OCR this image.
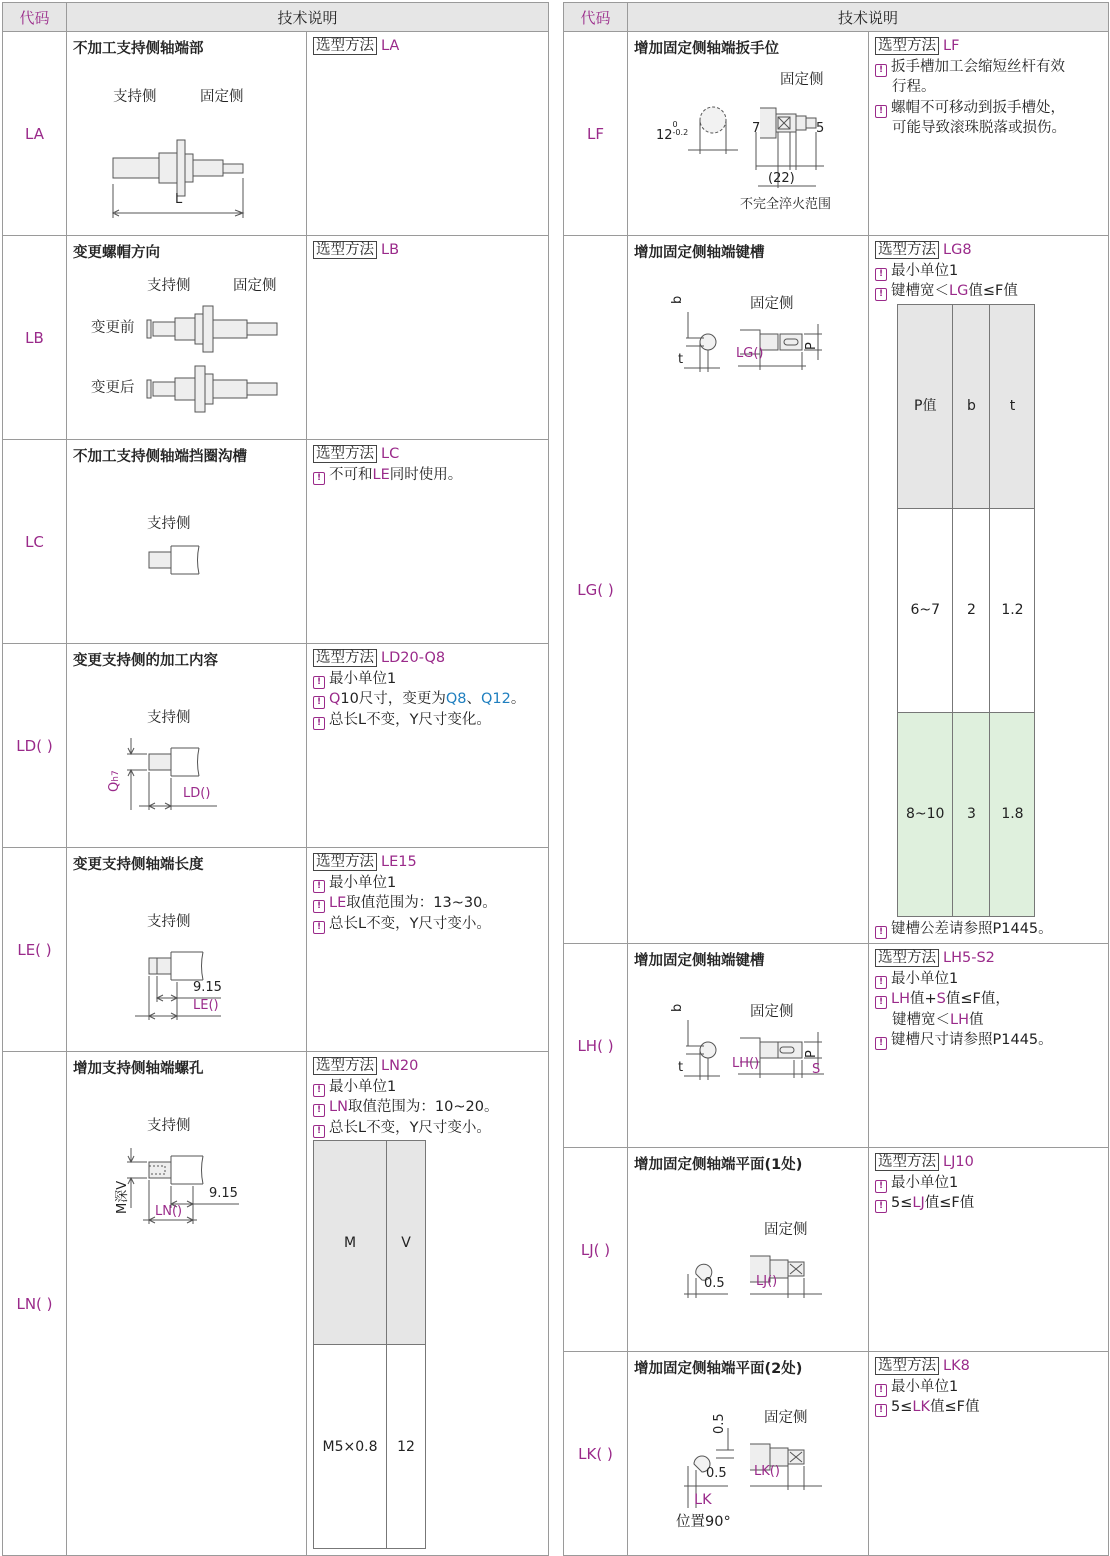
代码	技术说明
LA	
不加工支持侧轴端部
支持侧	固定侧
L

选型方法 LA

LB	
变更螺帽方向
支持侧	固定侧
变更前
变更后

选型方法 LB

LC	
不加工支持侧轴端挡圈沟槽
支持侧

选型方法 LC
! 不可和LE同时使用。

LD( )	
变更支持侧的加工内容
支持侧
LD()
Qh7

选型方法 LD20-Q8
! 最小单位1
! Q10尺寸，变更为Q8、Q12。
! 总长L不变，Y尺寸变化。

LE( )	
变更支持侧轴端长度
支持侧
9.15
LE()

选型方法 LE15
! 最小单位1
! LE取值范围为：13~30。
! 总长L不变，Y尺寸变小。

LN( )	
增加支持侧轴端螺孔
支持侧
9.15
LN()
M深V

选型方法 LN20
! 最小单位1
! LN取值范围为：10~20。
! 总长L不变，Y尺寸变小。
M	V
M5×0.8	12
代码	技术说明
LF	
增加固定侧轴端扳手位
固定侧
120
-0.2	7	5
(22)
不完全淬火范围

选型方法 LF
! 扳手槽加工会缩短丝杆有效
行程。
! 螺帽不可移动到扳手槽处，
可能导致滚珠脱落或损伤。

LG( )	
增加固定侧轴端键槽
固定侧
b
t
P
LG()

选型方法 LG8
! 最小单位1
! 键槽宽＜LG值≤F值
P值	b	t
6~7	2	1.2
8~10	3	1.8
! 键槽公差请参照P1445。

LH( )	
增加固定侧轴端键槽
固定侧
b
t
P
LH()	S

选型方法 LH5-S2
! 最小单位1
! LH值+S值≤F值，
键槽宽＜LH值
! 键槽尺寸请参照P1445。

LJ( )	
增加固定侧轴端平面(1处)
固定侧
0.5 LJ()

选型方法 LJ10
! 最小单位1
! 5≤LJ值≤F值

LK( )	
增加固定侧轴端平面(2处)
固定侧
0.5
0.5 LK()
LK
位置90°

选型方法 LK8
! 最小单位1
! 5≤LK值≤F值
